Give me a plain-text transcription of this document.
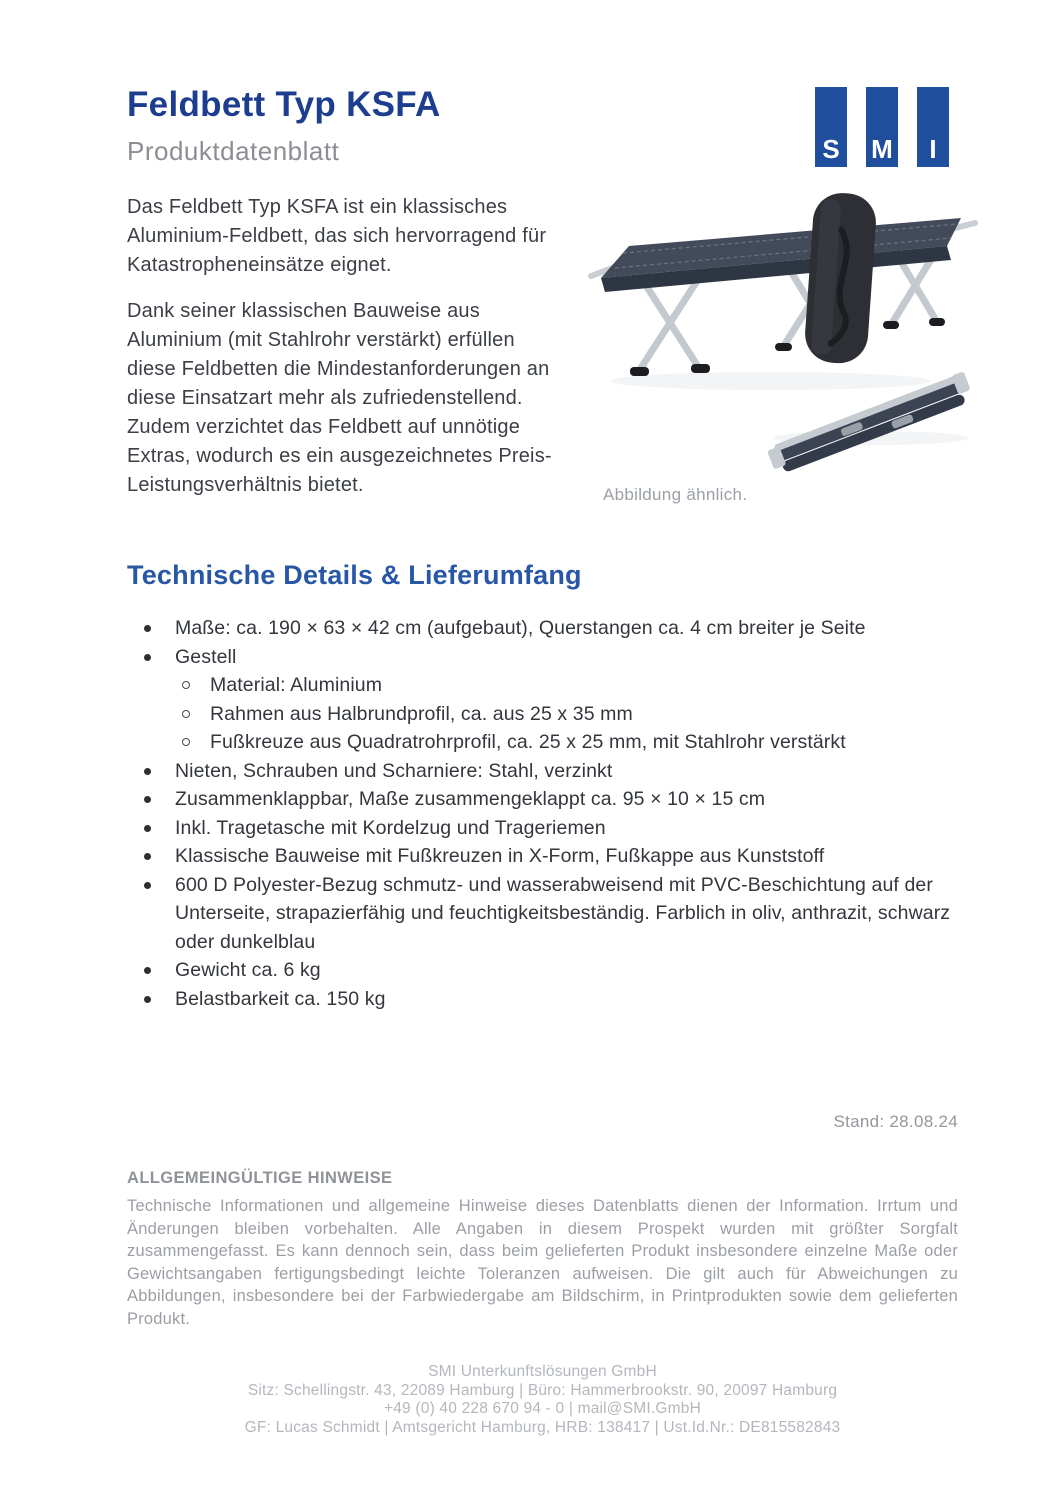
Feldbett Typ KSFA
Produktdatenblatt	S M I

Das Feldbett Typ KSFA ist ein klassisches Aluminium-Feldbett, das sich hervorragend für Katastropheneinsätze eignet.

Dank seiner klassischen Bauweise aus Aluminium (mit Stahlrohr verstärkt) erfüllen diese Feldbetten die Mindestanforderungen an diese Einsatzart mehr als zufriedenstellend. Zudem verzichtet das Feldbett auf unnötige Extras, wodurch es ein ausgezeichnetes Preis-Leistungsverhältnis bietet.	Abbildung ähnlich.
Technische Details & Lieferumfang
Maße: ca. 190 × 63 × 42 cm (aufgebaut), Querstangen ca. 4 cm breiter je Seite
Gestell
Material: Aluminium
Rahmen aus Halbrundprofil, ca. aus 25 x 35 mm
Fußkreuze aus Quadratrohrprofil, ca. 25 x 25 mm, mit Stahlrohr verstärkt
Nieten, Schrauben und Scharniere: Stahl, verzinkt
Zusammenklappbar, Maße zusammengeklappt ca. 95 × 10 × 15 cm
Inkl. Tragetasche mit Kordelzug und Trageriemen
Klassische Bauweise mit Fußkreuzen in X-Form, Fußkappe aus Kunststoff
600 D Polyester-Bezug schmutz- und wasserabweisend mit PVC-Beschichtung auf der Unterseite, strapazierfähig und feuchtigkeitsbeständig. Farblich in oliv, anthrazit, schwarz oder dunkelblau
Gewicht ca. 6 kg
Belastbarkeit ca. 150 kg
Stand: 28.08.24
ALLGEMEINGÜLTIGE HINWEISE

Technische Informationen und allgemeine Hinweise dieses Datenblatts dienen der Information. Irrtum und Änderungen bleiben vorbehalten. Alle Angaben in diesem Prospekt wurden mit größter Sorgfalt zusammengefasst. Es kann dennoch sein, dass beim gelieferten Produkt insbesondere einzelne Maße oder Gewichtsangaben fertigungsbedingt leichte Toleranzen aufweisen. Die gilt auch für Abweichungen zu Abbildungen, insbesondere bei der Farbwiedergabe am Bildschirm, in Printprodukten sowie dem gelieferten Produkt.

SMI Unterkunftslösungen GmbH
Sitz: Schellingstr. 43, 22089 Hamburg | Büro: Hammerbrookstr. 90, 20097 Hamburg
+49 (0) 40 228 670 94 - 0 | mail@SMI.GmbH
GF: Lucas Schmidt | Amtsgericht Hamburg, HRB: 138417 | Ust.Id.Nr.: DE815582843
